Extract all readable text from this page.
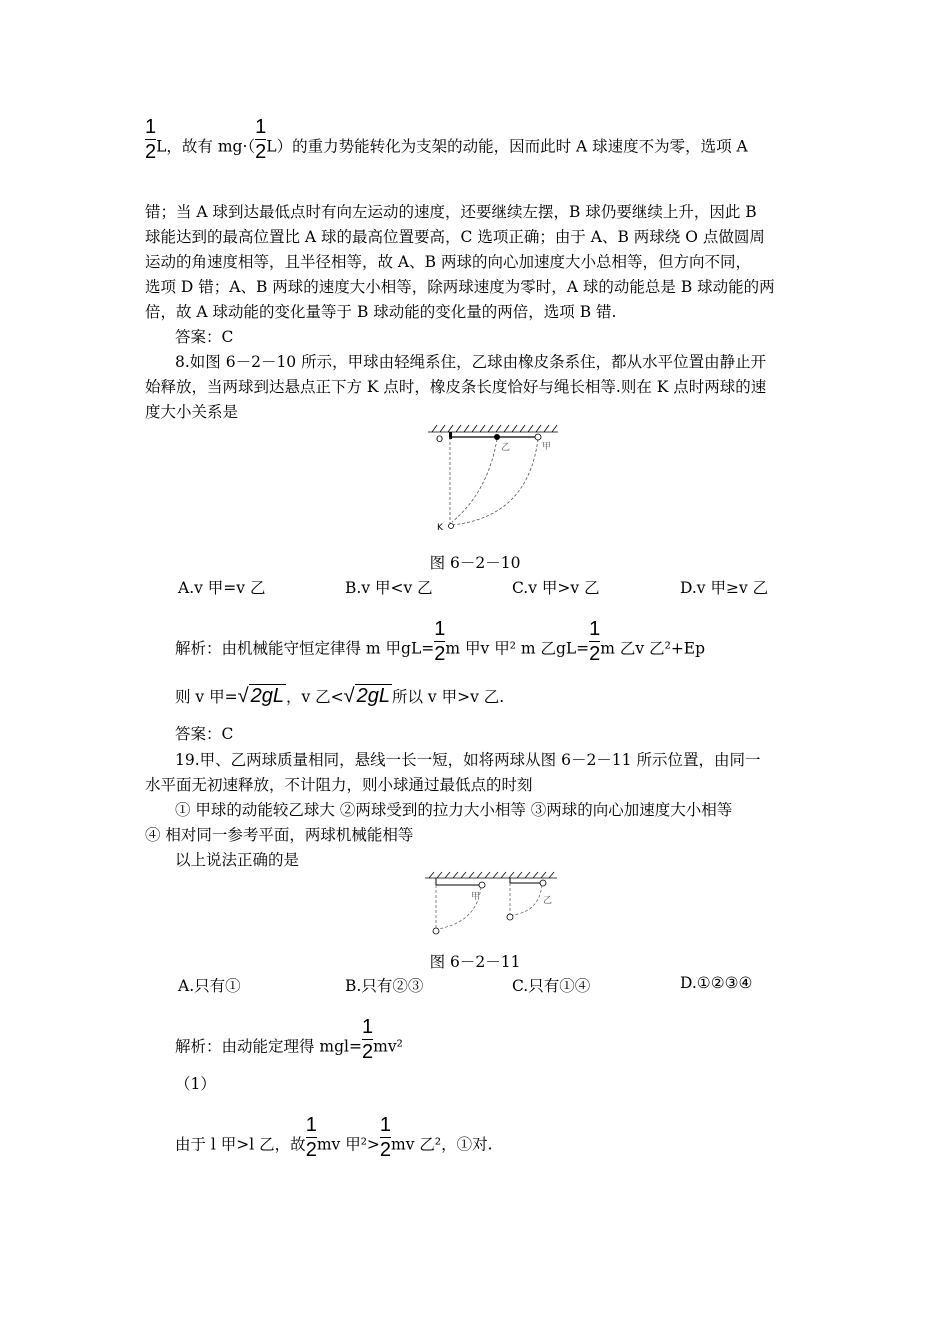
$\frac{1}{2}$ L，故有 $mg\cdot( \frac{1}{2} L)$的重力势能转化为支架的动能，因而此时 A 球速度不为零，选项 A
错；当 A 球到达最低点时有向左运动的速度，还要继续左摆，B 球仍要继续上升，因此 B
球能达到的最高位置比 A 球的最高位置要高，C 选项正确；由于 A、B 两球绕 O 点做圆周
运动的角速度相等，且半径相等，故 A、B 两球的向心加速度大小总相等，但方向不同，
选项 D 错；A、B 两球的速度大小相等，除两球速度为零时，A 球的动能总是 B 球动能的两
倍，故 A 球动能的变化量等于 B 球动能的变化量的两倍，选项 B 错.
答案：C
8.如图 6－2－10 所示，甲球由轻绳系住，乙球由橡皮条系住，都从水平位置由静止开
始释放，当两球到达悬点正下方 K 点时，橡皮条长度恰好与绳长相等.则在 K 点时两球的速
度大小关系是
O
K
乙	甲
图 6－2－10
A.v 甲=v 乙	B.v 甲<v 乙	C.v 甲>v 乙	D.v 甲≥v 乙
解析：由机械能守恒定律得 m 甲$gL= \frac{1}{2}$ m 甲v 甲² m 乙$gL= \frac{1}{2}$ m 乙v 乙²+Ep
则 v 甲=√ 2gL ，v 乙<√ 2gL 所以 v 甲>v 乙.
答案：C
19.甲、乙两球质量相同，悬线一长一短，如将两球从图 6－2－11 所示位置，由同一
水平面无初速释放，不计阻力，则小球通过最低点的时刻
① 甲球的动能较乙球大 ②两球受到的拉力大小相等 ③两球的向心加速度大小相等
④ 相对同一参考平面，两球机械能相等
以上说法正确的是
甲	乙
图 6－2－11
A.只有①	B.只有②③	C.只有①④	D.①②③④
解析：由动能定理得 $mgl= \frac{1}{2} mv^2$
（1）
由于 l 甲>l 乙，故 $\frac{1}{2}$ mv 甲$^2> \frac{1}{2}$ mv 乙²，①对.
